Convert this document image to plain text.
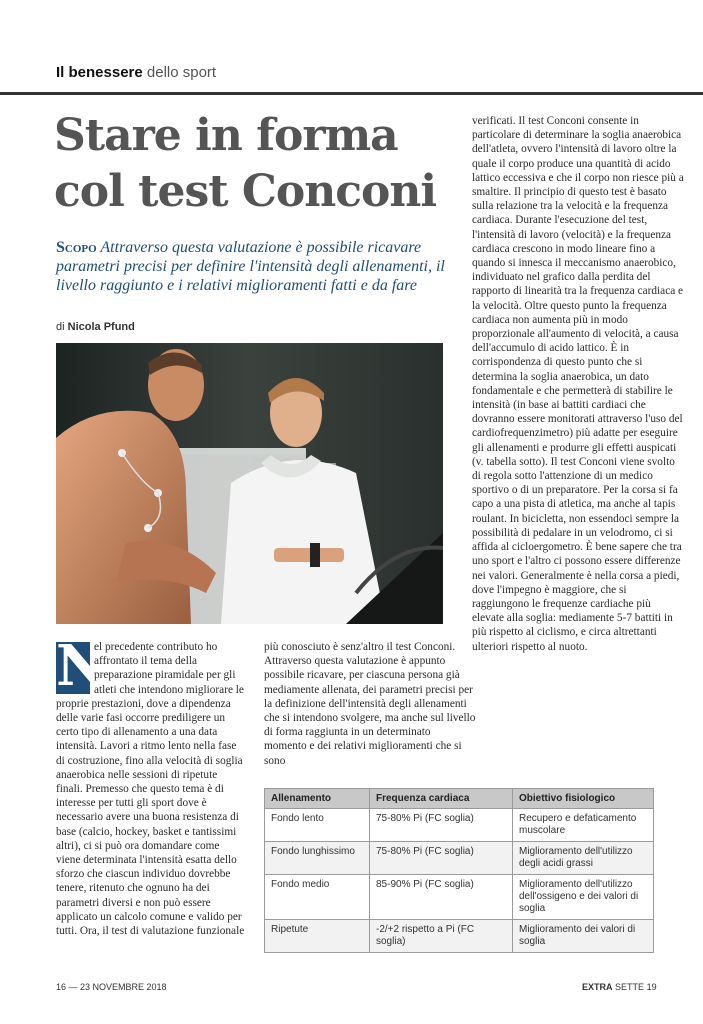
Il benessere dello sport
Stare in forma
col test Conconi
Scopo Attraverso questa valutazione è possibile ricavare parametri precisi per definire l'intensità degli allenamenti, il livello raggiunto e i relativi miglioramenti fatti e da fare
di Nicola Pfund
verificati. Il test Conconi consente in particolare di determinare la soglia anaerobica dell'atleta, ovvero l'intensità di lavoro oltre la quale il corpo produce una quantità di acido lattico eccessiva e che il corpo non riesce più a smaltire. Il principio di questo test è basato sulla relazione tra la velocità e la frequenza cardiaca. Durante l'esecuzione del test, l'intensità di lavoro (velocità) e la frequenza cardiaca crescono in modo lineare fino a quando si innesca il meccanismo anaerobico, individuato nel grafico dalla perdita del rapporto di linearità tra la frequenza cardiaca e la velocità. Oltre questo punto la frequenza cardiaca non aumenta più in modo proporzionale all'aumento di velocità, a causa dell'accumulo di acido lattico. È in corrispondenza di questo punto che si determina la soglia anaerobica, un dato fondamentale e che permetterà di stabilire le intensità (in base ai battiti cardiaci che dovranno essere monitorati attraverso l'uso del cardiofrequenzimetro) più adatte per eseguire gli allenamenti e produrre gli effetti auspicati (v. tabella sotto). Il test Conconi viene svolto di regola sotto l'attenzione di un medico sportivo o di un preparatore. Per la corsa si fa capo a una pista di atletica, ma anche al tapis roulant. In bicicletta, non essendoci sempre la possibilità di pedalare in un velodromo, ci si affida al cicloergometro. È bene sapere che tra uno sport e l'altro ci possono essere differenze nei valori. Generalmente è nella corsa a piedi, dove l'impegno è maggiore, che si raggiungono le frequenze cardiache più elevate alla soglia: mediamente 5-7 battiti in più rispetto al ciclismo, e circa altrettanti ulteriori rispetto al nuoto.
N
el precedente contributo ho affrontato il tema della preparazione piramidale per gli atleti che intendono migliorare le proprie prestazioni, dove a dipendenza delle varie fasi occorre prediligere un certo tipo di allenamento a una data intensità. Lavori a ritmo lento nella fase di costruzione, fino alla velocità di soglia anaerobica nelle sessioni di ripetute finali. Premesso che questo tema è di interesse per tutti gli sport dove è necessario avere una buona resistenza di base (calcio, hockey, basket e tantissimi altri), ci si può ora domandare come viene determinata l'intensità esatta dello sforzo che ciascun individuo dovrebbe tenere, ritenuto che ognuno ha dei parametri diversi e non può essere applicato un calcolo comune e valido per tutti. Ora, il test di valutazione funzionale
più conosciuto è senz'altro il test Conconi. Attraverso questa valutazione è appunto possibile ricavare, per ciascuna persona già mediamente allenata, dei parametri precisi per la definizione dell'intensità degli allenamenti che si intendono svolgere, ma anche sul livello di forma raggiunta in un determinato momento e dei relativi miglioramenti che si sono
Allenamento	Frequenza cardiaca	Obiettivo fisiologico
Fondo lento	75-80% Pi (FC soglia)	Recupero e defaticamento muscolare
Fondo lunghissimo	75-80% Pi (FC soglia)	Miglioramento dell'utilizzo degli acidi grassi
Fondo medio	85-90% Pi (FC soglia)	Miglioramento dell'utilizzo dell'ossigeno e dei valori di soglia
Ripetute	-2/+2 rispetto a Pi (FC soglia)	Miglioramento dei valori di soglia
16 — 23 NOVEMBRE 2018	EXTRA SETTE 19
